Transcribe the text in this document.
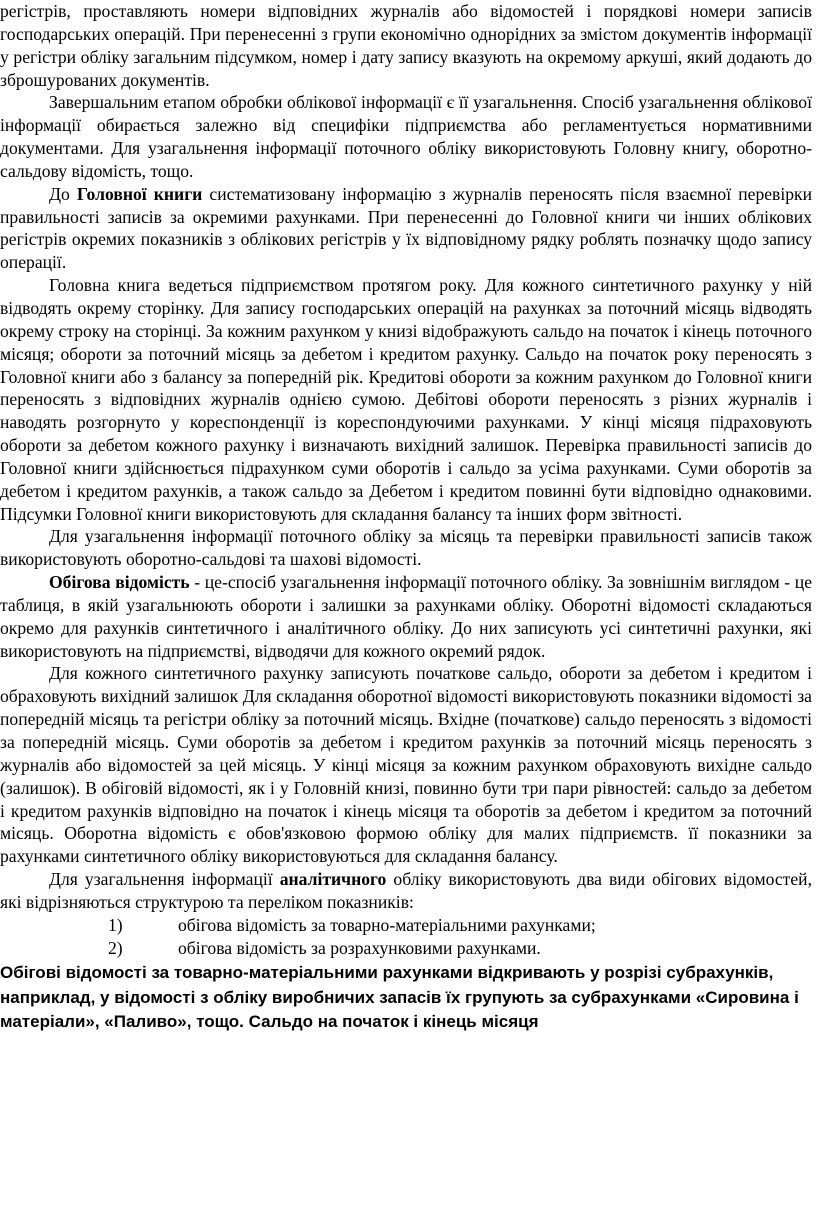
регістрів, проставляють номери відповідних журналів або відомостей і порядкові номери записів господарських операцій. При перенесенні з групи економічно однорідних за змістом документів інформації у регістри обліку загальним підсумком, номер і дату запису вказують на окремому аркуші, який додають до зброшурованих документів.

Завершальним етапом обробки облікової інформації є її узагальнення. Спосіб узагальнення облікової інформації обирається залежно від специфіки підприємства або регламентується нормативними документами. Для узагальнення інформації поточного обліку використовують Головну книгу, оборотно-сальдову відомість, тощо.

До Головної книги систематизовану інформацію з журналів переносять після взаємної перевірки правильності записів за окремими рахунками. При перенесенні до Головної книги чи інших облікових регістрів окремих показників з облікових регістрів у їх відповідному рядку роблять позначку щодо запису операції.

Головна книга ведеться підприємством протягом року. Для кожного синтетичного рахунку у ній відводять окрему сторінку. Для запису господарських операцій на рахунках за поточний місяць відводять окрему строку на сторінці. За кожним рахунком у книзі відображують сальдо на початок і кінець поточного місяця; обороти за поточний місяць за дебетом і кредитом рахунку. Сальдо на початок року переносять з Головної книги або з балансу за попередній рік. Кредитові обороти за кожним рахунком до Головної книги переносять з відповідних журналів однією сумою. Дебітові обороти переносять з різних журналів і наводять розгорнуто у кореспонденції із кореспондуючими рахунками. У кінці місяця підраховують обороти за дебетом кожного рахунку і визначають вихідний залишок. Перевірка правильності записів до Головної книги здійснюється підрахунком суми оборотів і сальдо за усіма рахунками. Суми оборотів за дебетом і кредитом рахунків, а також сальдо за Дебетом і кредитом повинні бути відповідно однаковими. Підсумки Головної книги використовують для складання балансу та інших форм звітності.

Для узагальнення інформації поточного обліку за місяць та перевірки правильності записів також використовують оборотно-сальдові та шахові відомості.

Обігова відомість - це-спосіб узагальнення інформації поточного обліку. За зовнішнім виглядом - це таблиця, в якій узагальнюють обороти і залишки за рахунками обліку. Оборотні відомості складаються окремо для рахунків синтетичного і аналітичного обліку. До них записують усі синтетичні рахунки, які використовують на підприємстві, відводячи для кожного окремий рядок.

Для кожного синтетичного рахунку записують початкове сальдо, обороти за дебетом і кредитом і обраховують вихідний залишок Для складання оборотної відомості використовують показники відомості за попередній місяць та регістри обліку за поточний місяць. Вхідне (початкове) сальдо переносять з відомості за попередній місяць. Суми оборотів за дебетом і кредитом рахунків за поточний місяць переносять з журналів або відомостей за цей місяць. У кінці місяця за кожним рахунком обраховують вихідне сальдо (залишок). В обіговій відомості, як і у Головній книзі, повинно бути три пари рівностей: сальдо за дебетом і кредитом рахунків відповідно на початок і кінець місяця та оборотів за дебетом і кредитом за поточний місяць. Оборотна відомість є обов'язковою формою обліку для малих підприємств. її показники за рахунками синтетичного обліку використовуються для складання балансу.

Для узагальнення інформації аналітичного обліку використовують два види обігових відомостей, які відрізняються структурою та переліком показників:

1)	обігова відомість за товарно-матеріальними рахунками;
2)	обігова відомість за розрахунковими рахунками.

Обігові відомості за товарно-матеріальними рахунками відкривають у розрізі субрахунків, наприклад, у відомості з обліку виробничих запасів їх групують за субрахунками «Сировина і матеріали», «Паливо», тощо. Сальдо на початок і кінець місяця
